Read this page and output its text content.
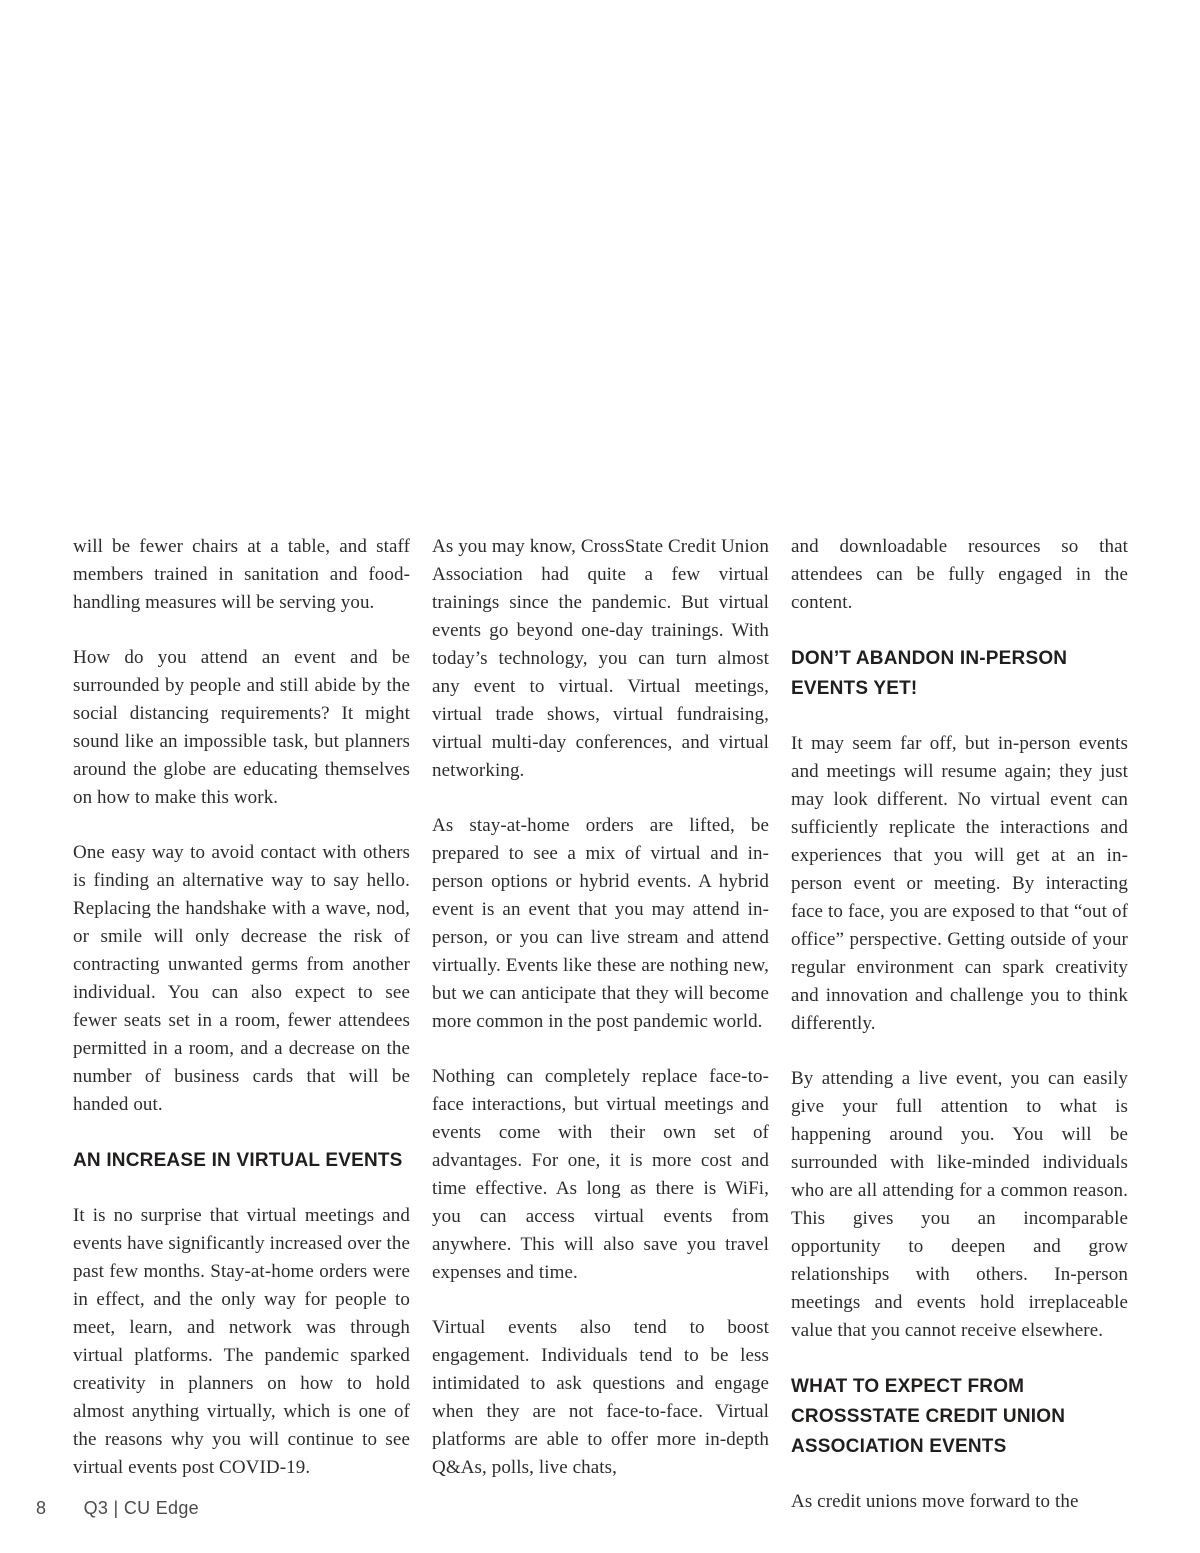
will be fewer chairs at a table, and staff members trained in sanitation and food-handling measures will be serving you.

How do you attend an event and be surrounded by people and still abide by the social distancing requirements? It might sound like an impossible task, but planners around the globe are educating themselves on how to make this work.

One easy way to avoid contact with others is finding an alternative way to say hello. Replacing the handshake with a wave, nod, or smile will only decrease the risk of contracting unwanted germs from another individual. You can also expect to see fewer seats set in a room, fewer attendees permitted in a room, and a decrease on the number of business cards that will be handed out.

AN INCREASE IN VIRTUAL EVENTS

It is no surprise that virtual meetings and events have significantly increased over the past few months. Stay-at-home orders were in effect, and the only way for people to meet, learn, and network was through virtual platforms. The pandemic sparked creativity in planners on how to hold almost anything virtually, which is one of the reasons why you will continue to see virtual events post COVID-19.

As you may know, CrossState Credit Union Association had quite a few virtual trainings since the pandemic. But virtual events go beyond one-day trainings. With today’s technology, you can turn almost any event to virtual. Virtual meetings, virtual trade shows, virtual fundraising, virtual multi-day conferences, and virtual networking.

As stay-at-home orders are lifted, be prepared to see a mix of virtual and in-person options or hybrid events. A hybrid event is an event that you may attend in-person, or you can live stream and attend virtually. Events like these are nothing new, but we can anticipate that they will become more common in the post pandemic world.

Nothing can completely replace face-to-face interactions, but virtual meetings and events come with their own set of advantages. For one, it is more cost and time effective. As long as there is WiFi, you can access virtual events from anywhere. This will also save you travel expenses and time.

Virtual events also tend to boost engagement. Individuals tend to be less intimidated to ask questions and engage when they are not face-to-face. Virtual platforms are able to offer more in-depth Q&As, polls, live chats,

and downloadable resources so that attendees can be fully engaged in the content.

DON’T ABANDON IN-PERSON EVENTS YET!

It may seem far off, but in-person events and meetings will resume again; they just may look different. No virtual event can sufficiently replicate the interactions and experiences that you will get at an in-person event or meeting. By interacting face to face, you are exposed to that “out of office” perspective. Getting outside of your regular environment can spark creativity and innovation and challenge you to think differently.

By attending a live event, you can easily give your full attention to what is happening around you. You will be surrounded with like-minded individuals who are all attending for a common reason. This gives you an incomparable opportunity to deepen and grow relationships with others. In-person meetings and events hold irreplaceable value that you cannot receive elsewhere.

WHAT TO EXPECT FROM CROSSSTATE CREDIT UNION ASSOCIATION EVENTS

As credit unions move forward to the

8 Q3 | CU Edge
